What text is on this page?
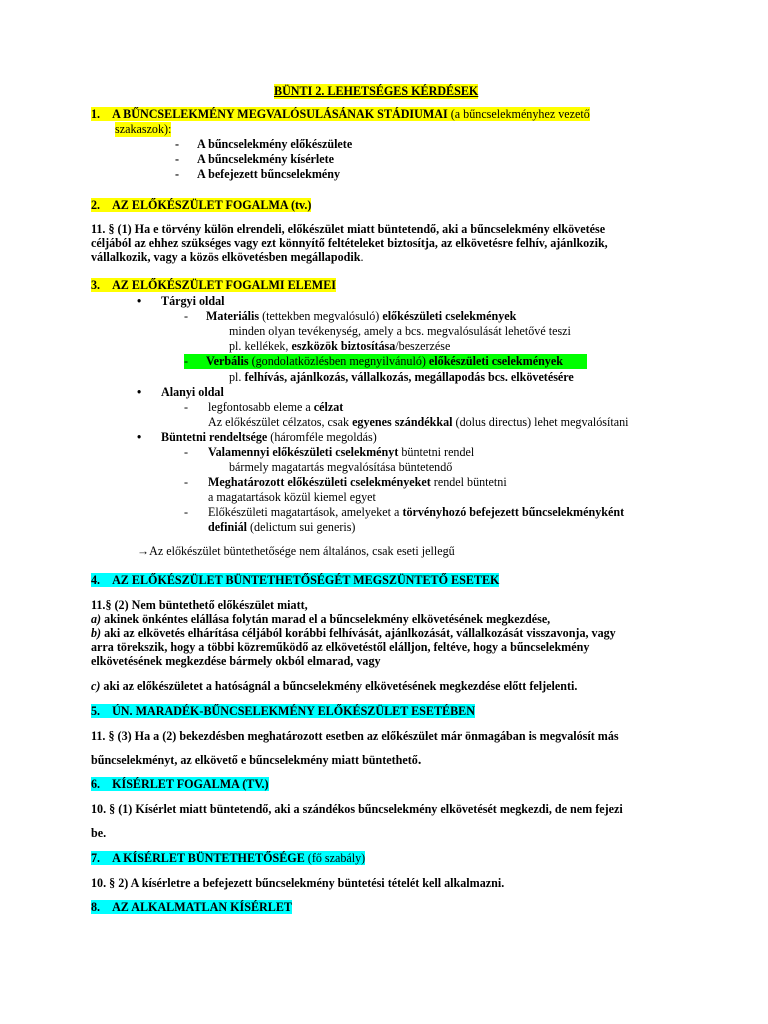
BÜNTI 2. LEHETSÉGES KÉRDÉSEK
1. A BŰNCSELEKMÉNY MEGVALÓSULÁSÁNAK STÁDIUMAI (a bűncselekményhez vezető
szakaszok):
- A bűncselekmény előkészülete
- A bűncselekmény kísérlete
- A befejezett bűncselekmény
2. AZ ELŐKÉSZÜLET FOGALMA (tv.)
11. § (1) Ha e törvény külön elrendeli, előkészület miatt büntetendő, aki a bűncselekmény elkövetése
céljából az ehhez szükséges vagy ezt könnyítő feltételeket biztosítja, az elkövetésre felhív, ajánlkozik,
vállalkozik, vagy a közös elkövetésben megállapodik.
3. AZ ELŐKÉSZÜLET FOGALMI ELEMEI
• Tárgyi oldal
- Materiális (tettekben megvalósuló) előkészületi cselekmények
minden olyan tevékenység, amely a bcs. megvalósulását lehetővé teszi
pl. kellékek, eszközök biztosítása/beszerzése
- Verbális (gondolatközlésben megnyilvánuló) előkészületi cselekmények
pl. felhívás, ajánlkozás, vállalkozás, megállapodás bcs. elkövetésére
• Alanyi oldal
- legfontosabb eleme a célzat
Az előkészület célzatos, csak egyenes szándékkal (dolus directus) lehet megvalósítani
• Büntetni rendeltsége (háromféle megoldás)
- Valamennyi előkészületi cselekményt büntetni rendel
bármely magatartás megvalósítása büntetendő
- Meghatározott előkészületi cselekményeket rendel büntetni
a magatartások közül kiemel egyet
- Előkészületi magatartások, amelyeket a törvényhozó befejezett bűncselekményként
definiál (delictum sui generis)
→Az előkészület büntethetősége nem általános, csak eseti jellegű
4. AZ ELŐKÉSZÜLET BÜNTETHETŐSÉGÉT MEGSZÜNTETŐ ESETEK
11.§ (2) Nem büntethető előkészület miatt,
a) akinek önkéntes elállása folytán marad el a bűncselekmény elkövetésének megkezdése,
b) aki az elkövetés elhárítása céljából korábbi felhívását, ajánlkozását, vállalkozását visszavonja, vagy
arra törekszik, hogy a többi közreműködő az elkövetéstől elálljon, feltéve, hogy a bűncselekmény
elkövetésének megkezdése bármely okból elmarad, vagy
c) aki az előkészületet a hatóságnál a bűncselekmény elkövetésének megkezdése előtt feljelenti.
5. ÚN. MARADÉK-BŰNCSELEKMÉNY ELŐKÉSZÜLET ESETÉBEN
11. § (3) Ha a (2) bekezdésben meghatározott esetben az előkészület már önmagában is megvalósít más
bűncselekményt, az elkövető e bűncselekmény miatt büntethető.
6. KÍSÉRLET FOGALMA (TV.)
10. § (1) Kísérlet miatt büntetendő, aki a szándékos bűncselekmény elkövetését megkezdi, de nem fejezi
be.
7. A KÍSÉRLET BÜNTETHETŐSÉGE (fő szabály)
10. § 2) A kísérletre a befejezett bűncselekmény büntetési tételét kell alkalmazni.
8. AZ ALKALMATLAN KÍSÉRLET
